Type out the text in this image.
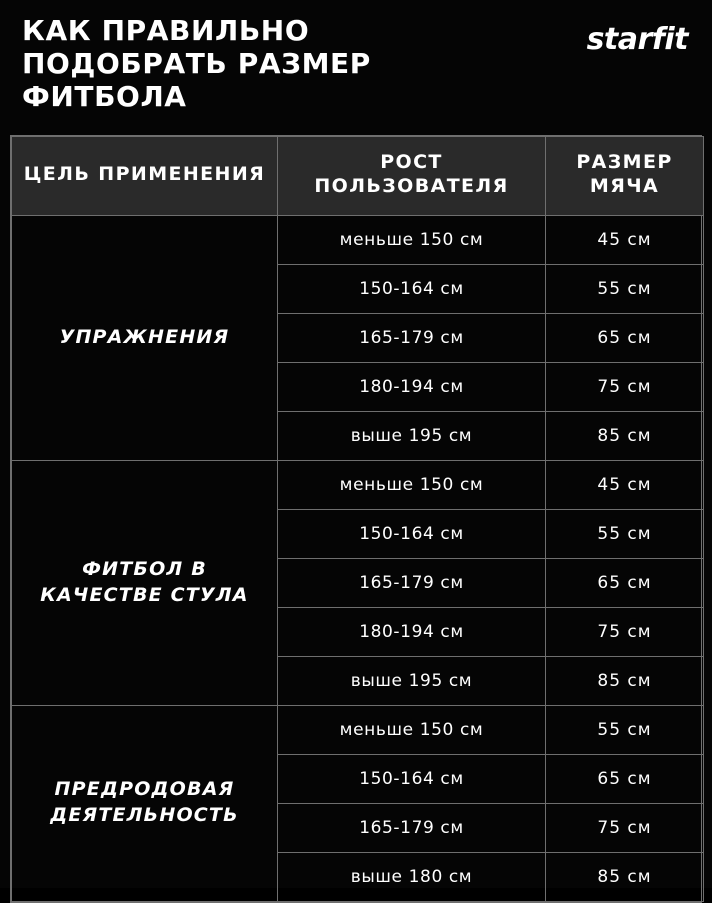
КАК ПРАВИЛЬНО ПОДОБРАТЬ РАЗМЕР ФИТБОЛА
starfit
ЦЕЛЬ ПРИМЕНЕНИЯ	РОСТ ПОЛЬЗОВАТЕЛЯ	РАЗМЕР МЯЧА
УПРАЖНЕНИЯ	меньше 150 см	45 см
	150-164 см	55 см
	165-179 см	65 см
	180-194 см	75 см
	выше 195 см	85 см
ФИТБОЛ В КАЧЕСТВЕ СТУЛА	меньше 150 см	45 см
	150-164 см	55 см
	165-179 см	65 см
	180-194 см	75 см
	выше 195 см	85 см
ПРЕДРОДОВАЯ ДЕЯТЕЛЬНОСТЬ	меньше 150 см	55 см
	150-164 см	65 см
	165-179 см	75 см
	выше 180 см	85 см
